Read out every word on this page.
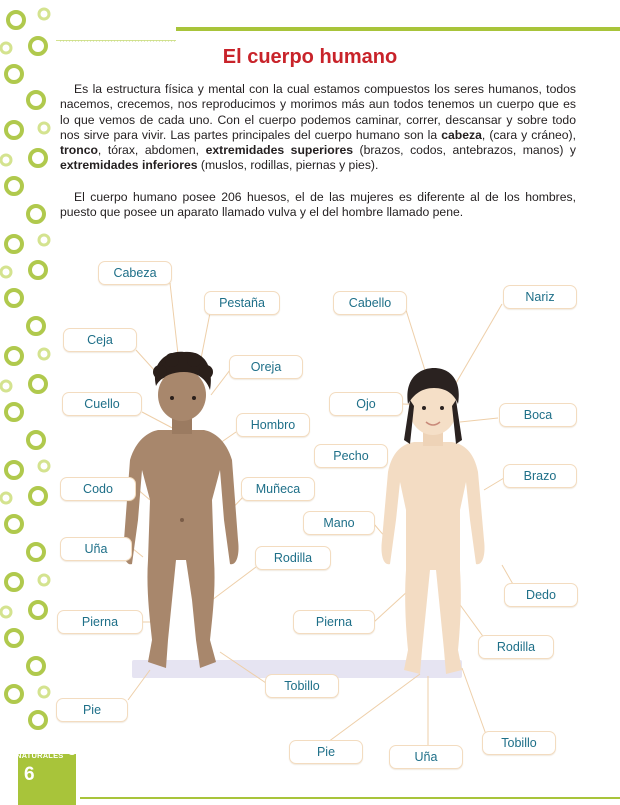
El cuerpo humano

Es la estructura física y mental con la cual estamos compuestos los seres humanos, todos nacemos, crecemos, nos reproducimos y morimos más aun todos tenemos un cuerpo que es lo que vemos de cada uno. Con el cuerpo podemos caminar, correr, descansar y sobre todo nos sirve para vivir. Las partes principales del cuerpo humano son la cabeza, (cara y cráneo), tronco, tórax, abdomen, extremidades superiores (brazos, codos, antebrazos, manos) y extremidades inferiores (muslos, rodillas, piernas y pies).

El cuerpo humano posee 206 huesos, el de las mujeres es diferente al de los hombres, puesto que posee un aparato llamado vulva y el del hombre llamado pene.

Cabeza
Pestaña
Ceja
Oreja
Cuello
Hombro
Codo	Muñeca
Uña
Rodilla
Pierna
Tobillo
Pie
Cabello	Nariz
Ojo
Boca
Pecho
Brazo
Mano
Dedo
Pierna
Rodilla
Tobillo
Pie	Uña
CIENCIAS
NATURALES 3
6
